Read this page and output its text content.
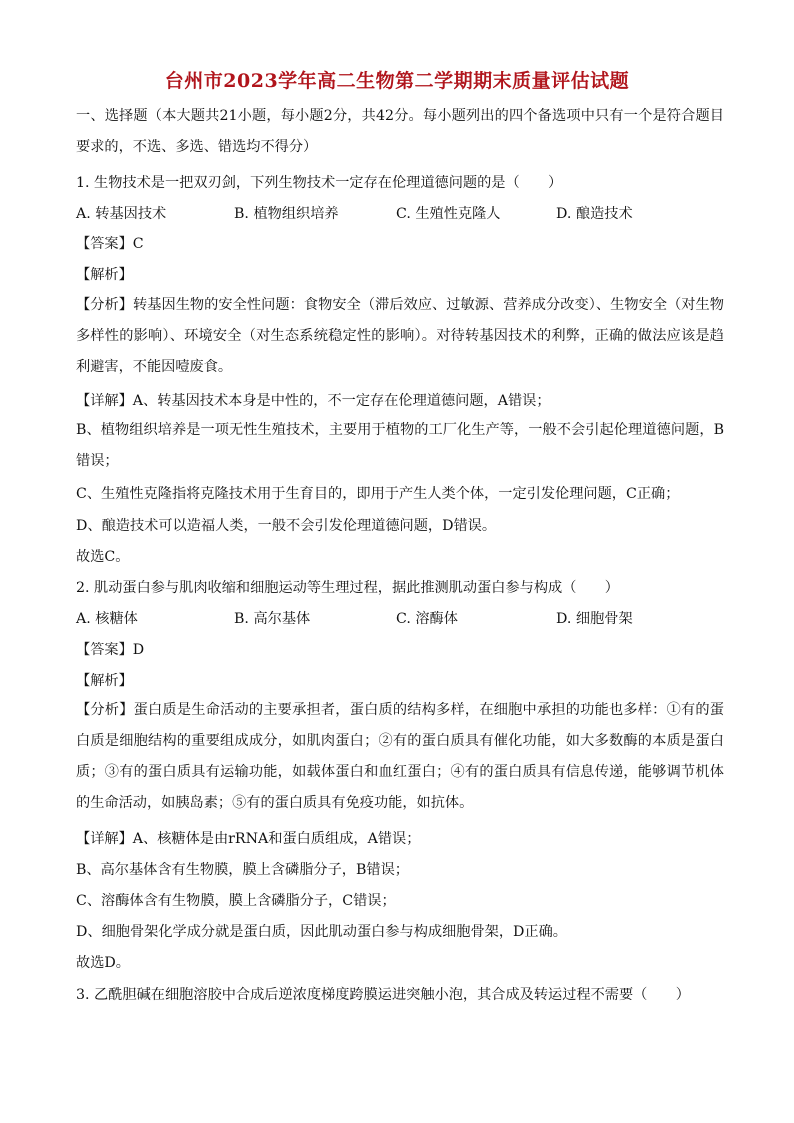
台州市2023学年高二生物第二学期期末质量评估试题
一、选择题（本大题共21小题，每小题2分，共42分。每小题列出的四个备选项中只有一个是符合题目要求的，不选、多选、错选均不得分）
1. 生物技术是一把双刃剑，下列生物技术一定存在伦理道德问题的是（　　）
A. 转基因技术	B. 植物组织培养	C. 生殖性克隆人	D. 酿造技术
【答案】C
【解析】
【分析】转基因生物的安全性问题：食物安全（滞后效应、过敏源、营养成分改变）、生物安全（对生物多样性的影响）、环境安全（对生态系统稳定性的影响）。对待转基因技术的利弊，正确的做法应该是趋利避害，不能因噎废食。
【详解】A、转基因技术本身是中性的，不一定存在伦理道德问题，A错误；
B、植物组织培养是一项无性生殖技术，主要用于植物的工厂化生产等，一般不会引起伦理道德问题，B错误；
C、生殖性克隆指将克隆技术用于生育目的，即用于产生人类个体，一定引发伦理问题，C正确；
D、酿造技术可以造福人类，一般不会引发伦理道德问题，D错误。
故选C。
2. 肌动蛋白参与肌肉收缩和细胞运动等生理过程，据此推测肌动蛋白参与构成（　　）
A. 核糖体	B. 高尔基体	C. 溶酶体	D. 细胞骨架
【答案】D
【解析】
【分析】蛋白质是生命活动的主要承担者，蛋白质的结构多样，在细胞中承担的功能也多样：①有的蛋白质是细胞结构的重要组成成分，如肌肉蛋白；②有的蛋白质具有催化功能，如大多数酶的本质是蛋白质；③有的蛋白质具有运输功能，如载体蛋白和血红蛋白；④有的蛋白质具有信息传递，能够调节机体的生命活动，如胰岛素；⑤有的蛋白质具有免疫功能，如抗体。
【详解】A、核糖体是由rRNA和蛋白质组成，A错误；
B、高尔基体含有生物膜，膜上含磷脂分子，B错误；
C、溶酶体含有生物膜，膜上含磷脂分子，C错误；
D、细胞骨架化学成分就是蛋白质，因此肌动蛋白参与构成细胞骨架，D正确。
故选D。
3. 乙酰胆碱在细胞溶胶中合成后逆浓度梯度跨膜运进突触小泡，其合成及转运过程不需要（　　）
